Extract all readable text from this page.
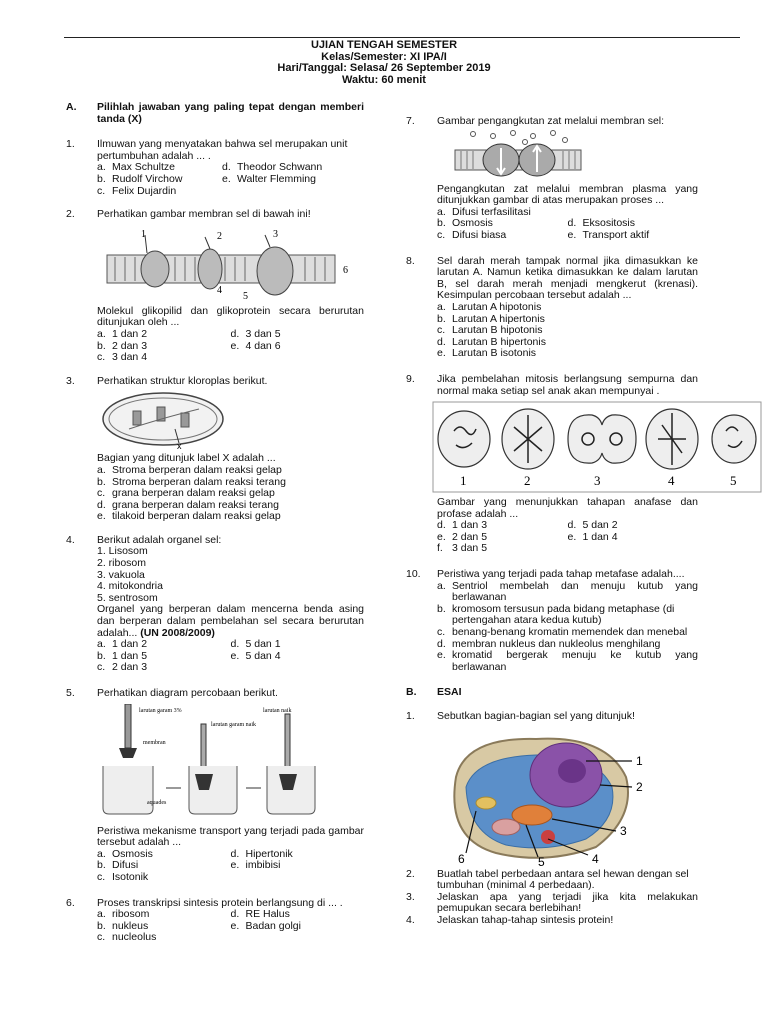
UJIAN TENGAH SEMESTER
Kelas/Semester: XI IPA/I
Hari/Tanggal: Selasa/ 26 September 2019
Waktu: 60 menit
A. Pilihlah jawaban yang paling tepat dengan memberi tanda (X)
1. Ilmuwan yang menyatakan bahwa sel merupakan unit pertumbuhan adalah ... .
a. Max Schultze	d. Theodor Schwann
b. Rudolf Virchow	e. Walter Flemming
c. Felix Dujardin
2. Perhatikan gambar membran sel di bawah ini!
1	2	3
4
5
6
Molekul glikopilid dan glikoprotein secara berurutan ditunjukan oleh ...
a. 1 dan 2	d. 3 dan 5
b. 2 dan 3	e. 4 dan 6
c. 3 dan 4
3. Perhatikan struktur kloroplas berikut.
x
Bagian yang ditunjuk label X adalah ...
a. Stroma berperan dalam reaksi gelap
b. Stroma berperan dalam reaksi terang
c. grana berperan dalam reaksi gelap
d. grana berperan dalam reaksi terang
e. tilakoid berperan dalam reaksi gelap
4. Berikut adalah organel sel:
1. Lisosom
2. ribosom
3. vakuola
4. mitokondria
5. sentrosom
Organel yang berperan dalam mencerna benda asing dan berperan dalam pembelahan sel secara berurutan adalah... (UN 2008/2009)
a. 1 dan 2	d. 5 dan 1
b. 1 dan 5	e. 5 dan 4
c. 2 dan 3
5. Perhatikan diagram percobaan berikut.
larutan garam 3%
membran
aquades
larutan garam naik
larutan naik
Peristiwa mekanisme transport yang terjadi pada gambar tersebut adalah ...
a. Osmosis	d. Hipertonik
b. Difusi	e. imbibisi
c. Isotonik
6. Proses transkripsi sintesis protein berlangsung di ... .
a. ribosom	d. RE Halus
b. nukleus	e. Badan golgi
c. nucleolus
7. Gambar pengangkutan zat melalui membran sel:
Pengangkutan zat melalui membran plasma yang ditunjukkan gambar di atas merupakan proses ...
a. Difusi terfasilitasi
b. Osmosis	d. Eksositosis
c. Difusi biasa	e. Transport aktif
8. Sel darah merah tampak normal jika dimasukkan ke larutan A. Namun ketika dimasukkan ke dalam larutan B, sel darah merah menjadi mengkerut (krenasi). Kesimpulan percobaan tersebut adalah ...
a. Larutan A hipotonis
b. Larutan A hipertonis
c. Larutan B hipotonis
d. Larutan B hipertonis
e. Larutan B isotonis
9. Jika pembelahan mitosis berlangsung sempurna dan normal maka setiap sel anak akan mempunyai .
1	2	3	4	5
Gambar yang menunjukkan tahapan anafase dan profase adalah ...
d. 1 dan 3	d. 5 dan 2
e. 2 dan 5	e. 1 dan 4
f. 3 dan 5
10. Peristiwa yang terjadi pada tahap metafase adalah....
a. Sentriol membelah dan menuju kutub yang berlawanan
b. kromosom tersusun pada bidang metaphase (di pertengahan atara kedua kutub)
c. benang-benang kromatin memendek dan menebal
d. membran nukleus dan nukleolus menghilang
e. kromatid bergerak menuju ke kutub yang berlawanan
B. ESAI
1. Sebutkan bagian-bagian sel yang ditunjuk!
1
2
3
4
5
6
2. Buatlah tabel perbedaan antara sel hewan dengan sel tumbuhan (minimal 4 perbedaan).
3. Jelaskan apa yang terjadi jika kita melakukan pemupukan secara berlebihan!
4. Jelaskan tahap-tahap sintesis protein!
